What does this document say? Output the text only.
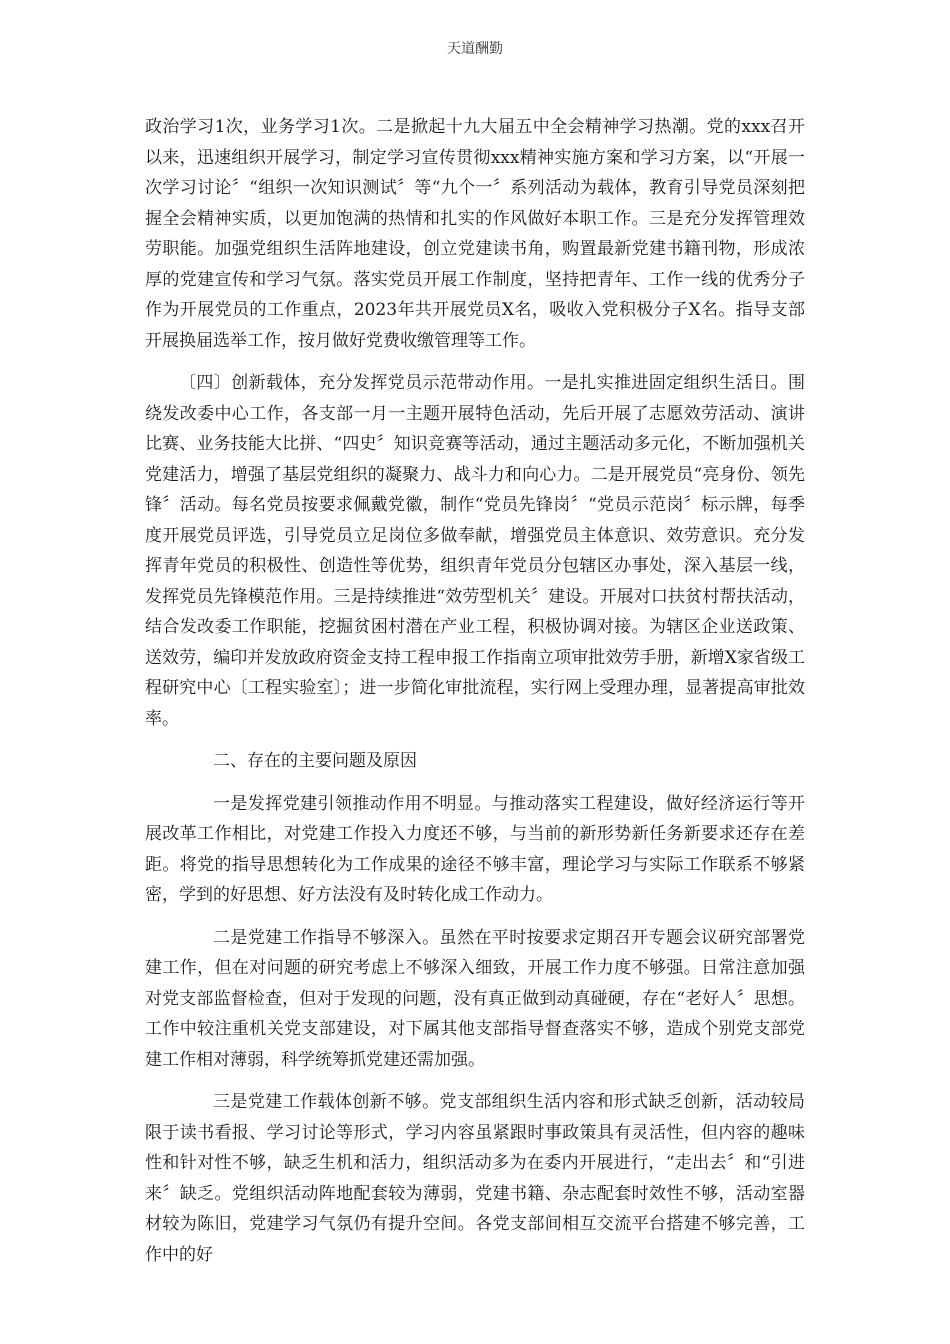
天道酬勤

政治学习1次，业务学习1次。二是掀起十九大届五中全会精神学习热潮。党的xxx召开以来，迅速组织开展学习，制定学习宣传贯彻xxx精神实施方案和学习方案，以“开展一次学习讨论〞“组织一次知识测试〞等“九个一〞系列活动为载体，教育引导党员深刻把握全会精神实质，以更加饱满的热情和扎实的作风做好本职工作。三是充分发挥管理效劳职能。加强党组织生活阵地建设，创立党建读书角，购置最新党建书籍刊物，形成浓厚的党建宣传和学习气氛。落实党员开展工作制度，坚持把青年、工作一线的优秀分子作为开展党员的工作重点，2023年共开展党员X名，吸收入党积极分子X名。指导支部开展换届选举工作，按月做好党费收缴管理等工作。

〔四〕创新载体，充分发挥党员示范带动作用。一是扎实推进固定组织生活日。围绕发改委中心工作，各支部一月一主题开展特色活动，先后开展了志愿效劳活动、演讲比赛、业务技能大比拼、“四史〞知识竞赛等活动，通过主题活动多元化，不断加强机关党建活力，增强了基层党组织的凝聚力、战斗力和向心力。二是开展党员“亮身份、领先锋〞活动。每名党员按要求佩戴党徽，制作“党员先锋岗〞“党员示范岗〞标示牌，每季度开展党员评选，引导党员立足岗位多做奉献，增强党员主体意识、效劳意识。充分发挥青年党员的积极性、创造性等优势，组织青年党员分包辖区办事处，深入基层一线，发挥党员先锋模范作用。三是持续推进“效劳型机关〞建设。开展对口扶贫村帮扶活动，结合发改委工作职能，挖掘贫困村潜在产业工程，积极协调对接。为辖区企业送政策、送效劳，编印并发放政府资金支持工程申报工作指南立项审批效劳手册，新增X家省级工程研究中心〔工程实验室〕；进一步简化审批流程，实行网上受理办理，显著提高审批效率。

二、存在的主要问题及原因

一是发挥党建引领推动作用不明显。与推动落实工程建设，做好经济运行等开展改革工作相比，对党建工作投入力度还不够，与当前的新形势新任务新要求还存在差距。将党的指导思想转化为工作成果的途径不够丰富，理论学习与实际工作联系不够紧密，学到的好思想、好方法没有及时转化成工作动力。

二是党建工作指导不够深入。虽然在平时按要求定期召开专题会议研究部署党建工作，但在对问题的研究考虑上不够深入细致，开展工作力度不够强。日常注意加强对党支部监督检查，但对于发现的问题，没有真正做到动真碰硬，存在“老好人〞思想。工作中较注重机关党支部建设，对下属其他支部指导督查落实不够，造成个别党支部党建工作相对薄弱，科学统筹抓党建还需加强。

三是党建工作载体创新不够。党支部组织生活内容和形式缺乏创新，活动较局限于读书看报、学习讨论等形式，学习内容虽紧跟时事政策具有灵活性，但内容的趣味性和针对性不够，缺乏生机和活力，组织活动多为在委内开展进行，“走出去〞和“引进来〞缺乏。党组织活动阵地配套较为薄弱，党建书籍、杂志配套时效性不够，活动室器材较为陈旧，党建学习气氛仍有提升空间。各党支部间相互交流平台搭建不够完善，工作中的好
